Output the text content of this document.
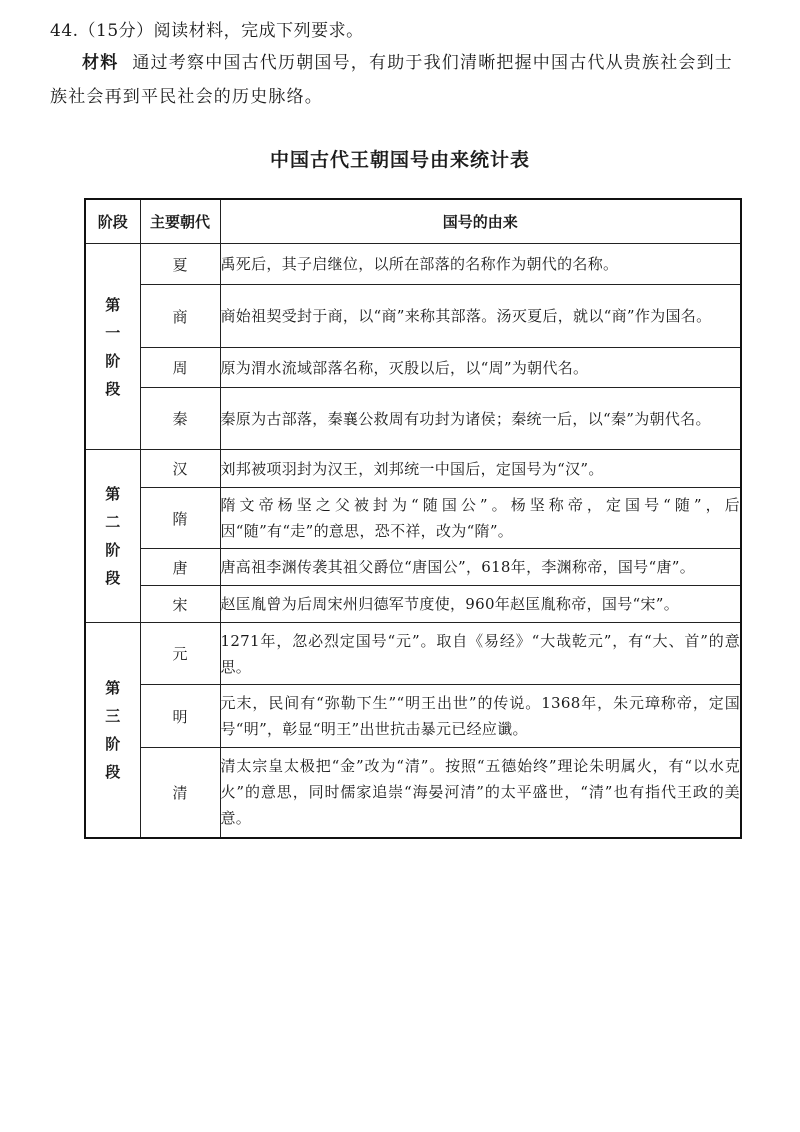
44.（15分）阅读材料，完成下列要求。
材料 通过考察中国古代历朝国号，有助于我们清晰把握中国古代从贵族社会到士族社会再到平民社会的历史脉络。
中国古代王朝国号由来统计表
阶段	主要朝代	国号的由来

第
一
阶
段	夏	禹死后，其子启继位，以所在部落的名称作为朝代的名称。
	商	商始祖契受封于商，以“商”来称其部落。汤灭夏后，就以“商”作为国名。
	周	原为渭水流域部落名称，灭殷以后，以“周”为朝代名。
	秦	秦原为古部落，秦襄公救周有功封为诸侯；秦统一后，以“秦”为朝代名。

第
二
阶
段	汉	刘邦被项羽封为汉王，刘邦统一中国后，定国号为“汉”。
	隋	隋文帝杨坚之父被封为“随国公”。杨坚称帝，定国号“随”，后因“随”有“走”的意思，恐不祥，改为“隋”。
	唐	唐高祖李渊传袭其祖父爵位“唐国公”，618年，李渊称帝，国号“唐”。
	宋	赵匡胤曾为后周宋州归德军节度使，960年赵匡胤称帝，国号“宋”。

第
三
阶
段	元	1271年，忽必烈定国号“元”。取自《易经》“大哉乾元”，有“大、首”的意思。
	明	元末，民间有“弥勒下生”“明王出世”的传说。1368年，朱元璋称帝，定国号“明”，彰显“明王”出世抗击暴元已经应谶。
	清	清太宗皇太极把“金”改为“清”。按照“五德始终”理论朱明属火，有“以水克火”的意思，同时儒家追崇“海晏河清”的太平盛世，“清”也有指代王政的美意。
